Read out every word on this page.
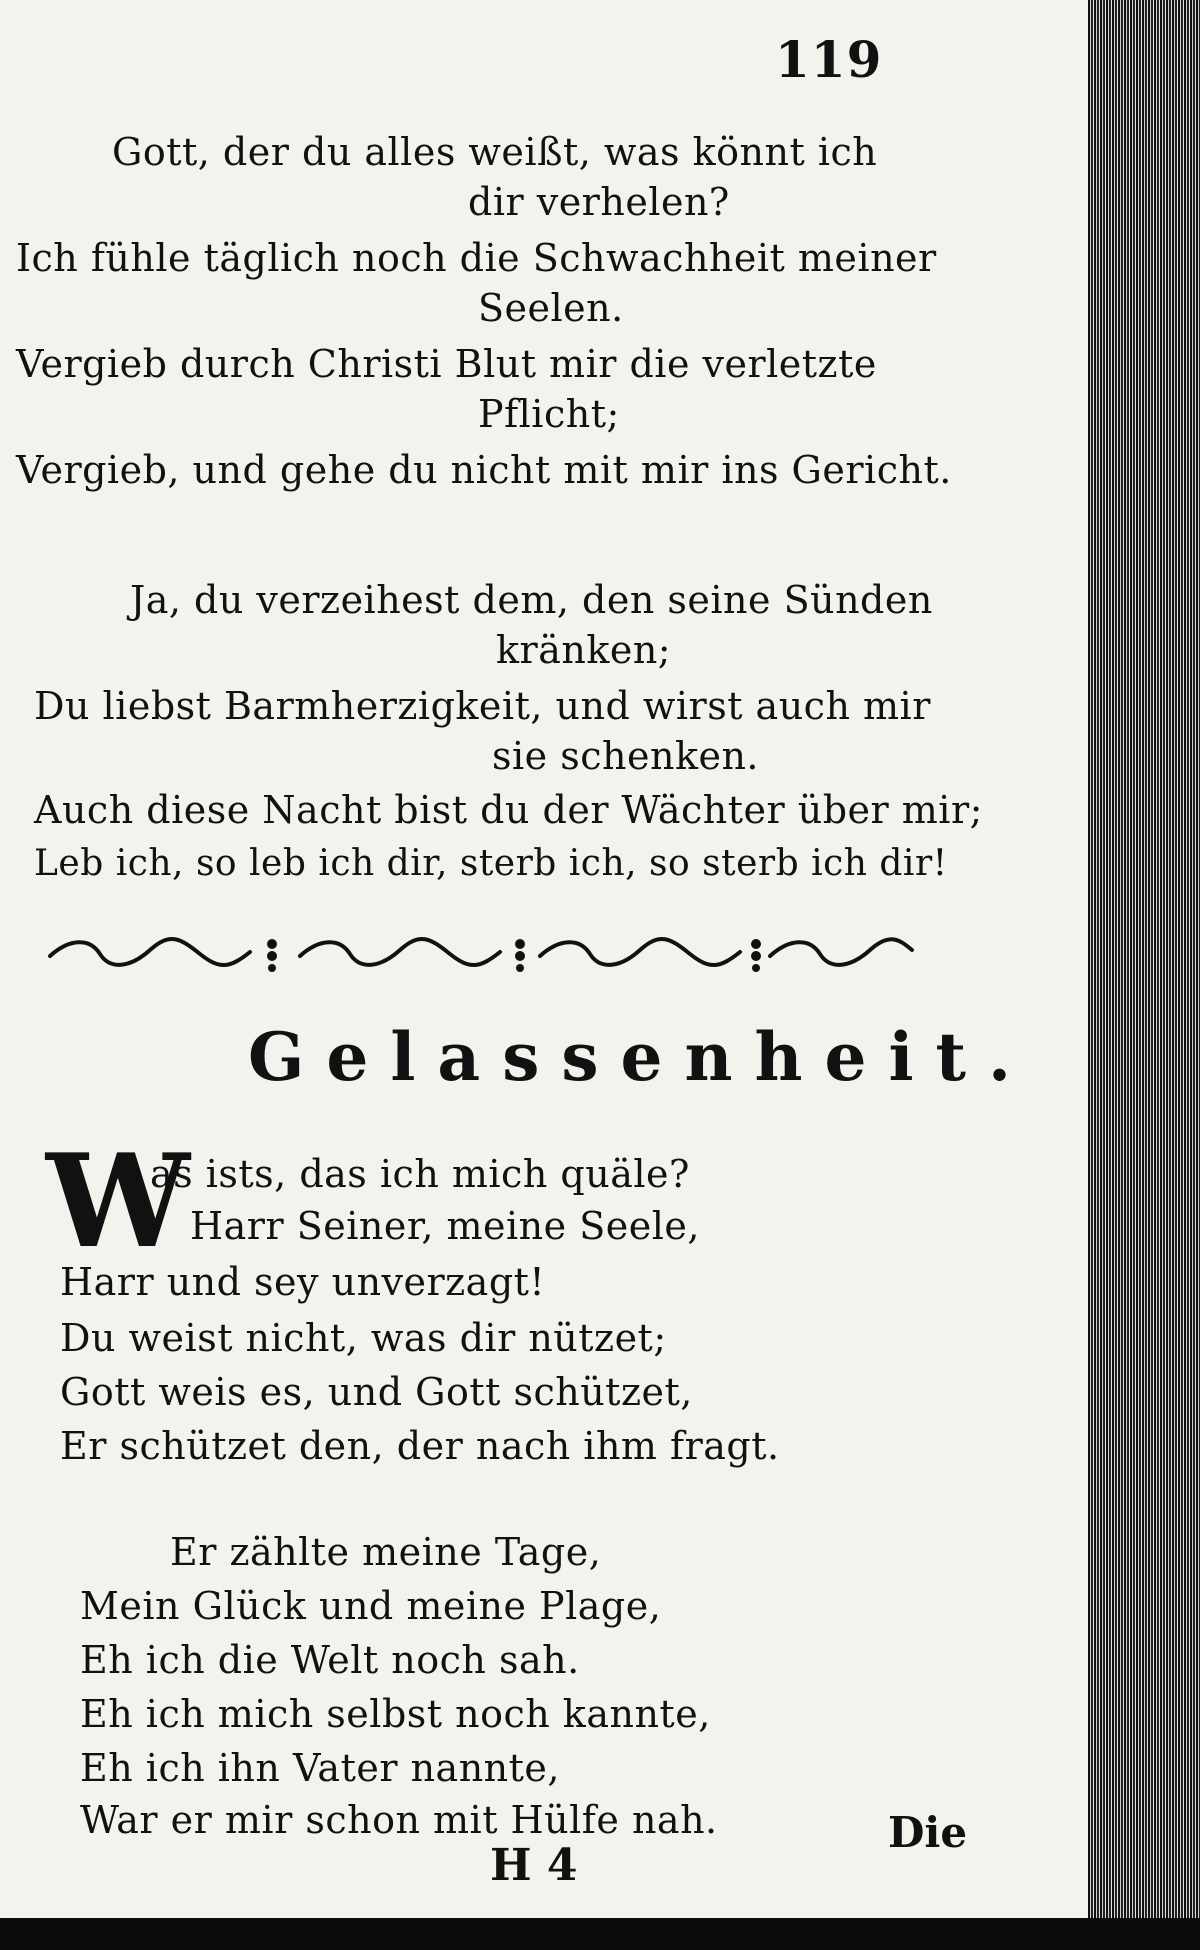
119
Gott, der du alles weißt, was könnt ich
dir verhelen?
Ich fühle täglich noch die Schwachheit meiner
Seelen.
Vergieb durch Christi Blut mir die verletzte
Pflicht;
Vergieb, und gehe du nicht mit mir ins Gericht.
Ja, du verzeihest dem, den seine Sünden
kränken;
Du liebst Barmherzigkeit, und wirst auch mir
sie schenken.
Auch diese Nacht bist du der Wächter über mir;
Leb ich, so leb ich dir, sterb ich, so sterb ich dir!
Gelassenheit.
W
as ists, das ich mich quäle?
Harr Seiner, meine Seele,
Harr und sey unverzagt!
Du weist nicht, was dir nützet;
Gott weis es, und Gott schützet,
Er schützet den, der nach ihm fragt.
Er zählte meine Tage,
Mein Glück und meine Plage,
Eh ich die Welt noch sah.
Eh ich mich selbst noch kannte,
Eh ich ihn Vater nannte,
War er mir schon mit Hülfe nah.	Die
H 4
